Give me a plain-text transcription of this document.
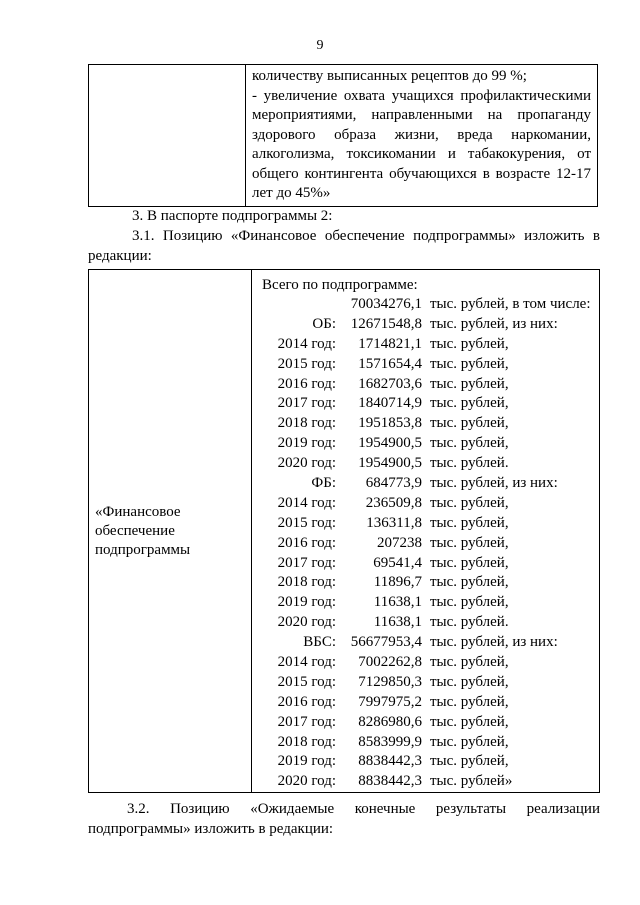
9

количеству выписанных рецептов до 99 %;
- увеличение охвата учащихся профилактическими мероприятиями, направленными на пропаганду здорового образа жизни, вреда наркомании, алкоголизма, токсикомании и табакокурения, от общего контингента обучающихся в возрасте 12-17 лет до 45%»
3. В паспорте подпрограммы 2:
3.1. Позицию «Финансовое обеспечение подпрограммы» изложить в
редакции:
«Финансовое обеспечение подпрограммы	
Всего по подпрограмме:
70034276,1 тыс. рублей, в том числе:
ОБ: 12671548,8 тыс. рублей, из них:
2014 год:	1714821,1 тыс. рублей,
2015 год:	1571654,4 тыс. рублей,
2016 год:	1682703,6 тыс. рублей,
2017 год:	1840714,9 тыс. рублей,
2018 год:	1951853,8 тыс. рублей,
2019 год:	1954900,5 тыс. рублей,
2020 год:	1954900,5 тыс. рублей.
ФБ:	684773,9 тыс. рублей, из них:
2014 год:	236509,8 тыс. рублей,
2015 год:	136311,8 тыс. рублей,
2016 год:	207238 тыс. рублей,
2017 год:	69541,4 тыс. рублей,
2018 год:	11896,7 тыс. рублей,
2019 год:	11638,1 тыс. рублей,
2020 год:	11638,1 тыс. рублей.
ВБС: 56677953,4 тыс. рублей, из них:
2014 год:	7002262,8 тыс. рублей,
2015 год:	7129850,3 тыс. рублей,
2016 год:	7997975,2 тыс. рублей,
2017 год:	8286980,6 тыс. рублей,
2018 год:	8583999,9 тыс. рублей,
2019 год:	8838442,3 тыс. рублей,
2020 год:	8838442,3 тыс. рублей»
3.2. Позицию «Ожидаемые конечные результаты реализации
подпрограммы» изложить в редакции:
